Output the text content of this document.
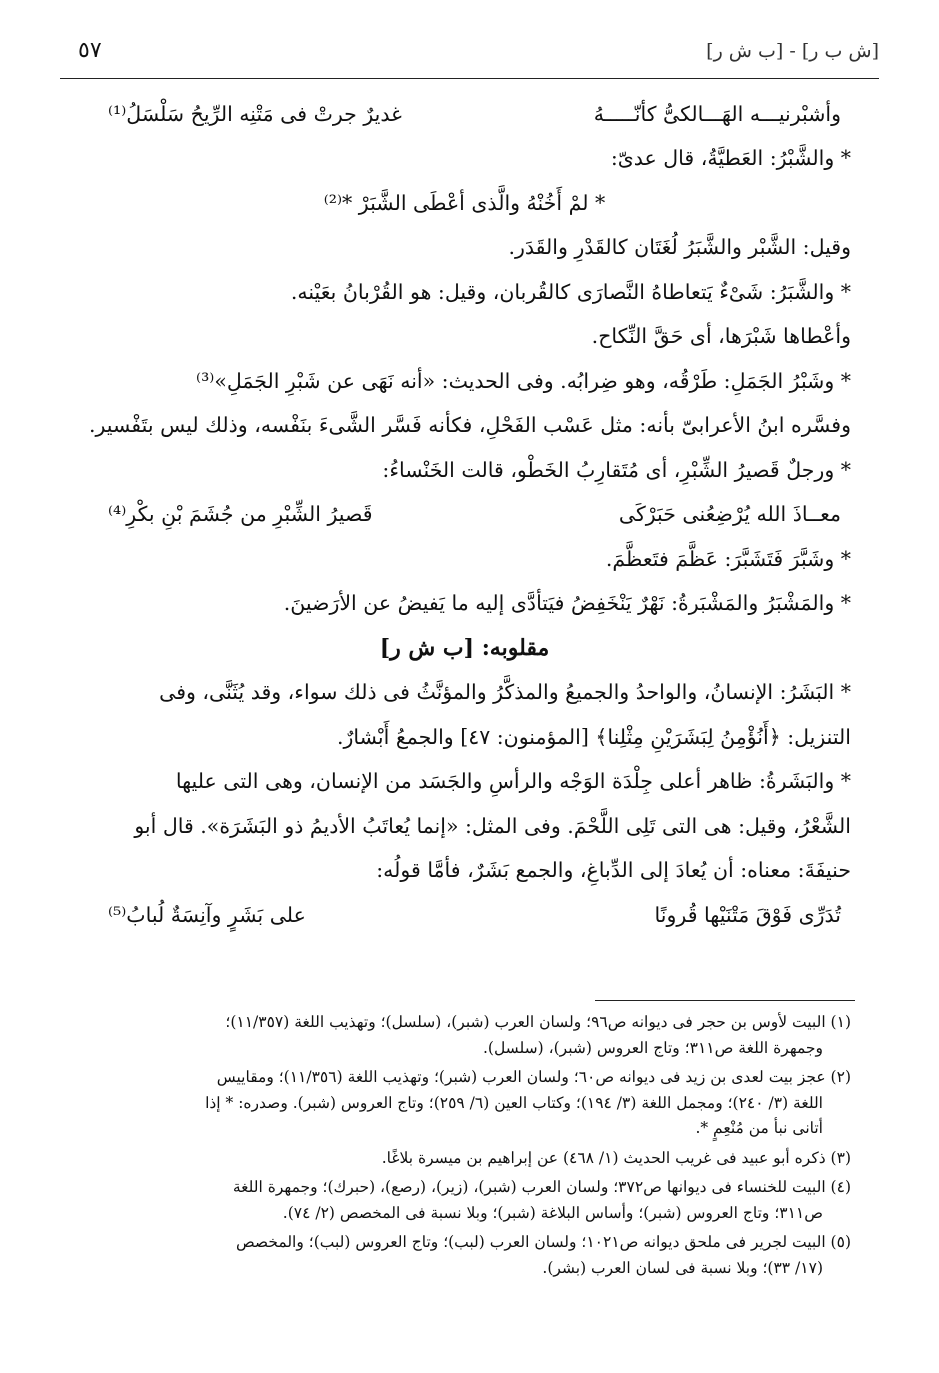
[ش ب ر] - [ب ش ر]
٥٧
وأشبْرنيـــه الهَـــالكىُّ كأنّـــــهُ
غديرٌ جرتْ فى مَتْنِه الرِّيحُ سَلْسَلُ⁽¹⁾
* والشَّبْرُ: العَطيَّةُ، قال عدىّ:
* لمْ أَخُنْهُ والَّذى أعْطَى الشَّبَرْ *⁽²⁾
وقيل: الشَّبْر والشَّبَرُ لُغَتَان كالقَدْرِ والقَدَر.
* والشَّبَرُ: شَىْءٌ يَتعاطاهُ النَّصارَى كالقُربان، وقيل: هو القُرْبانُ بعَيْنه.
وأعْطاها شَبْرَها، أى حَقَّ النِّكاح.
* وشَبْرُ الجَمَلِ: طَرْقُه، وهو ضِرابُه. وفى الحديث: «أنه نَهَى عن شَبْرِ الجَمَلِ»⁽³⁾
وفسَّره ابنُ الأعرابىّ بأنه: مثل عَسْب الفَحْلِ، فكأنه فَسَّر الشَّىءَ بنَفْسه، وذلك ليس بتَفْسير.
* ورجلٌ قَصيرُ الشِّبْرِ، أى مُتَقارِبُ الخَطْو، قالت الخَنْساءُ:
معــاذَ الله يُرْضِعُنى حَبَرْكَى
قَصيرُ الشِّبْرِ من جُشَمَ بْنِ بكْرِ⁽⁴⁾
* وشَبَّرَ فَتَشَبَّرَ: عَظَّمَ فتَعظَّمَ.
* والمَشْبَرُ والمَشْبَرةُ: نَهْرٌ يَنْخَفِضُ فيَتأدَّى إليه ما يَفيضُ عن الأرَضينَ.
مقلوبه: [ب ش ر]
* البَشَرُ: الإنسانُ، والواحدُ والجميعُ والمذكَّرُ والمؤنَّثُ فى ذلك سواء، وقد يُثَنَّى، وفى
التنزيل: ﴿أَنُؤْمِنُ لِبَشَرَيْنِ مِثْلِنا﴾ [المؤمنون: ٤٧] والجمعُ أَبْشارٌ.
* والبَشَرةُ: ظاهر أعلى جِلْدَة الوَجْه والرأسِ والجَسَد من الإنسان، وهى التى عليها
الشَّعْرُ، وقيل: هى التى تَلِى اللَّحْمَ. وفى المثل: «إنما يُعاتَبُ الأديمُ ذو البَشَرَة». قال أبو
حنيفَةَ: معناه: أن يُعادَ إلى الدِّباغِ، والجمع بَشَرٌ، فأمَّا قولُه:
تُدَرِّى فَوْقَ مَتْنَيْها قُرونًا
على بَشَرٍ وآنِسَةٌ لُبابُ⁽⁵⁾
(١) البيت لأوس بن حجر فى ديوانه ص٩٦؛ ولسان العرب (شبر)، (سلسل)؛ وتهذيب اللغة (١١/٣٥٧)؛
وجمهرة اللغة ص٣١١؛ وتاج العروس (شبر)، (سلسل).
(٢) عجز بيت لعدى بن زيد فى ديوانه ص٦٠؛ ولسان العرب (شبر)؛ وتهذيب اللغة (١١/٣٥٦)؛ ومقاييس
اللغة (٣/ ٢٤٠)؛ ومجمل اللغة (٣/ ١٩٤)؛ وكتاب العين (٦/ ٢٥٩)؛ وتاج العروس (شبر). وصدره: * إذا
أتانى نبأ من مُنْعِمٍ *.
(٣) ذكره أبو عبيد فى غريب الحديث (١/ ٤٦٨) عن إبراهيم بن ميسرة بلاغًا.
(٤) البيت للخنساء فى ديوانها ص٣٧٢؛ ولسان العرب (شبر)، (زير)، (رصع)، (حبرك)؛ وجمهرة اللغة
ص٣١١؛ وتاج العروس (شبر)؛ وأساس البلاغة (شبر)؛ وبلا نسبة فى المخصص (٢/ ٧٤).
(٥) البيت لجرير فى ملحق ديوانه ص١٠٢١؛ ولسان العرب (لبب)؛ وتاج العروس (لبب)؛ والمخصص
(١٧/ ٣٣)؛ وبلا نسبة فى لسان العرب (بشر).
